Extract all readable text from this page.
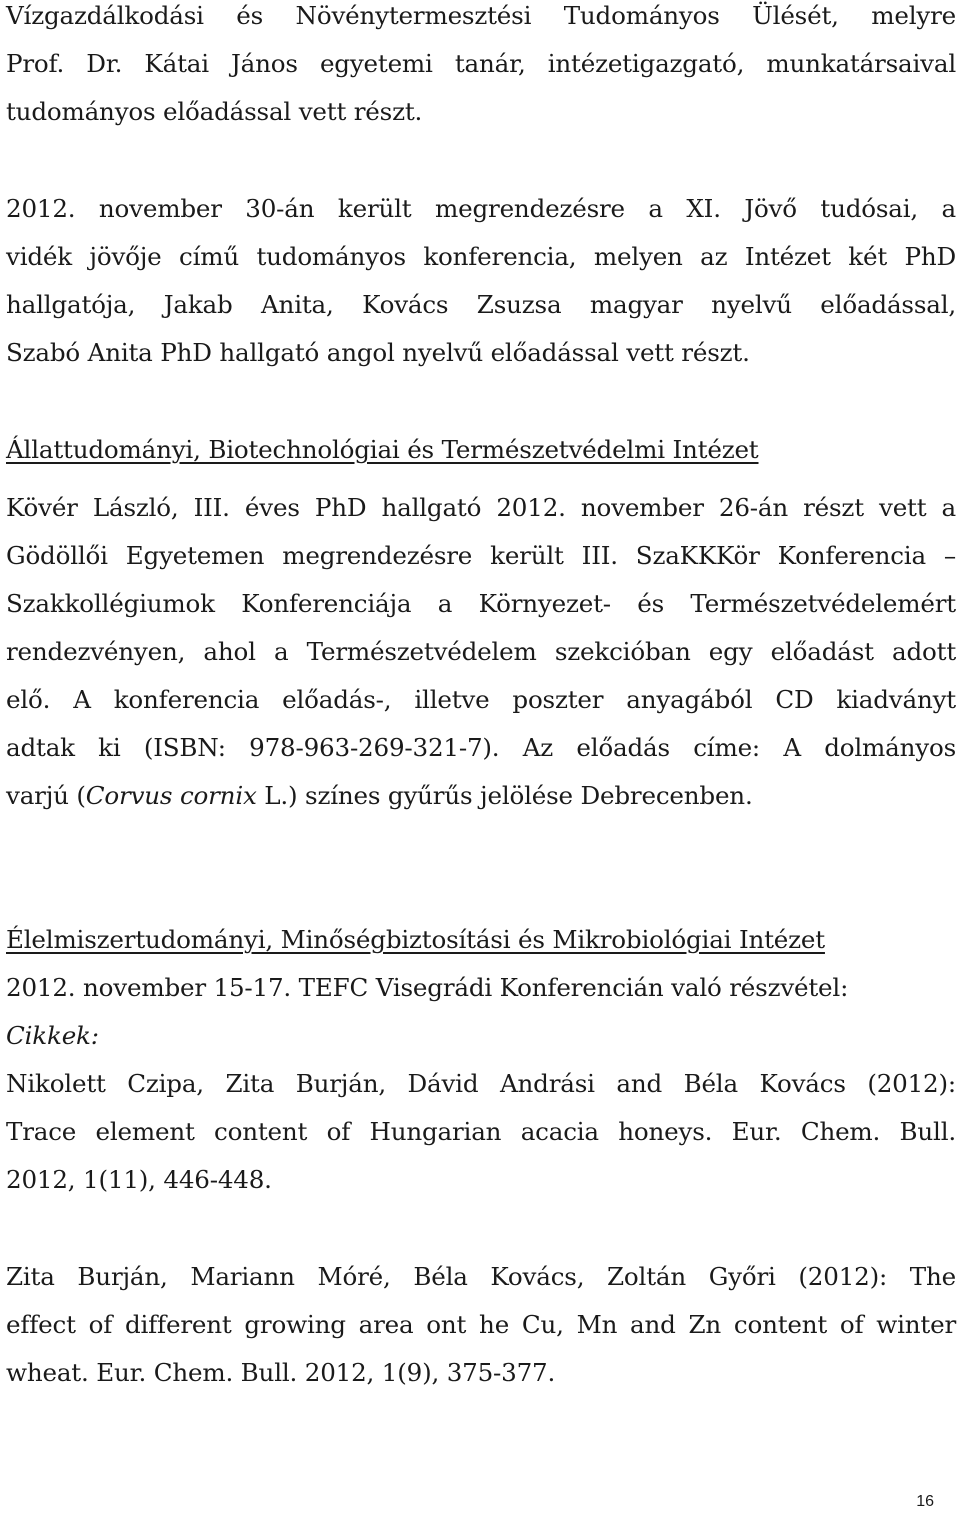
Vízgazdálkodási és Növénytermesztési Tudományos Ülését, melyre
Prof. Dr. Kátai János egyetemi tanár, intézetigazgató, munkatársaival
tudományos előadással vett részt.
2012. november 30-án került megrendezésre a XI. Jövő tudósai, a
vidék jövője című tudományos konferencia, melyen az Intézet két PhD
hallgatója, Jakab Anita, Kovács Zsuzsa magyar nyelvű előadással,
Szabó Anita PhD hallgató angol nyelvű előadással vett részt.
Állattudományi, Biotechnológiai és Természetvédelmi Intézet
Kövér László, III. éves PhD hallgató 2012. november 26-án részt vett a
Gödöllői Egyetemen megrendezésre került III. SzaKKKör Konferencia –
Szakkollégiumok Konferenciája a Környezet- és Természetvédelemért
rendezvényen, ahol a Természetvédelem szekcióban egy előadást adott
elő. A konferencia előadás-, illetve poszter anyagából CD kiadványt
adtak ki (ISBN: 978-963-269-321-7). Az előadás címe: A dolmányos
varjú (Corvus cornix L.) színes gyűrűs jelölése Debrecenben.
Élelmiszertudományi, Minőségbiztosítási és Mikrobiológiai Intézet
2012. november 15-17. TEFC Visegrádi Konferencián való részvétel:
Cikkek:
Nikolett Czipa, Zita Burján, Dávid Andrási and Béla Kovács (2012):
Trace element content of Hungarian acacia honeys. Eur. Chem. Bull.
2012, 1(11), 446-448.
Zita Burján, Mariann Móré, Béla Kovács, Zoltán Győri (2012): The
effect of different growing area ont he Cu, Mn and Zn content of winter
wheat. Eur. Chem. Bull. 2012, 1(9), 375-377.
16
